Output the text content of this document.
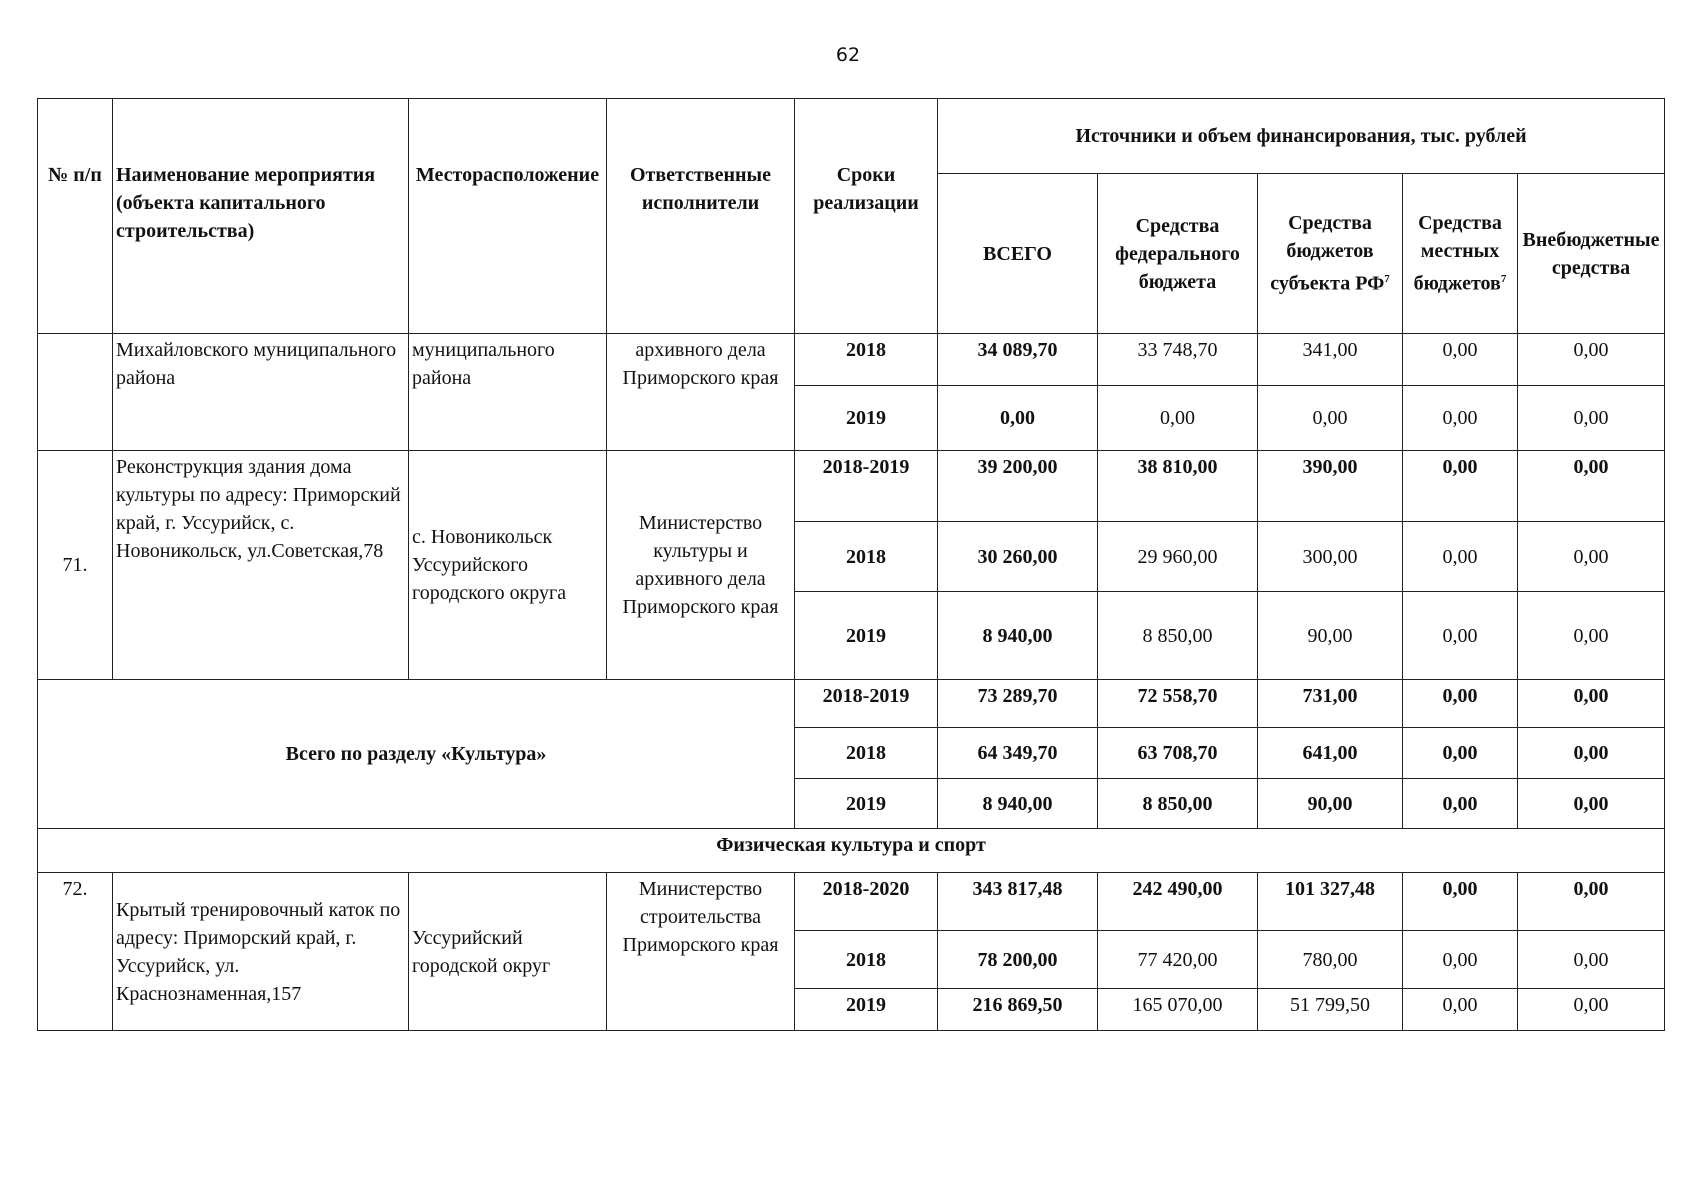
62
№ п/п	Наименование мероприятия (объекта капитального строительства)	Месторасположение	Ответственные исполнители	Сроки реализации	Источники и объем финансирования, тыс. рублей				
					ВСЕГО	Средства федерального бюджета	Средства бюджетов субъекта $РФ^7$	Средства местных бюджетов$^7$	Внебюджетные средства
	Михайловского муниципального района	муниципального района	архивного дела Приморского края	2018	34 089,70	33 748,70	341,00	0,00	0,00
				2019	0,00	0,00	0,00	0,00	0,00
71.	Реконструкция здания дома культуры по адресу: Приморский край, г. Уссурийск, с. Новоникольск, ул.Советская,78	с. Новоникольск Уссурийского городского округа	Министерство культуры и архивного дела Приморского края	2018-2019	39 200,00	38 810,00	390,00	0,00	0,00
				2018	30 260,00	29 960,00	300,00	0,00	0,00
				2019	8 940,00	8 850,00	90,00	0,00	0,00
Всего по разделу «Культура»				2018-2019	73 289,70	72 558,70	731,00	0,00	0,00
				2018	64 349,70	63 708,70	641,00	0,00	0,00
				2019	8 940,00	8 850,00	90,00	0,00	0,00
Физическая культура и спорт									
72.	Крытый тренировочный каток по адресу: Приморский край, г. Уссурийск, ул. Краснознаменная,157	Уссурийский городской округ	Министерство строительства Приморского края	2018-2020	343 817,48	242 490,00	101 327,48	0,00	0,00
				2018	78 200,00	77 420,00	780,00	0,00	0,00
				2019	216 869,50	165 070,00	51 799,50	0,00	0,00
